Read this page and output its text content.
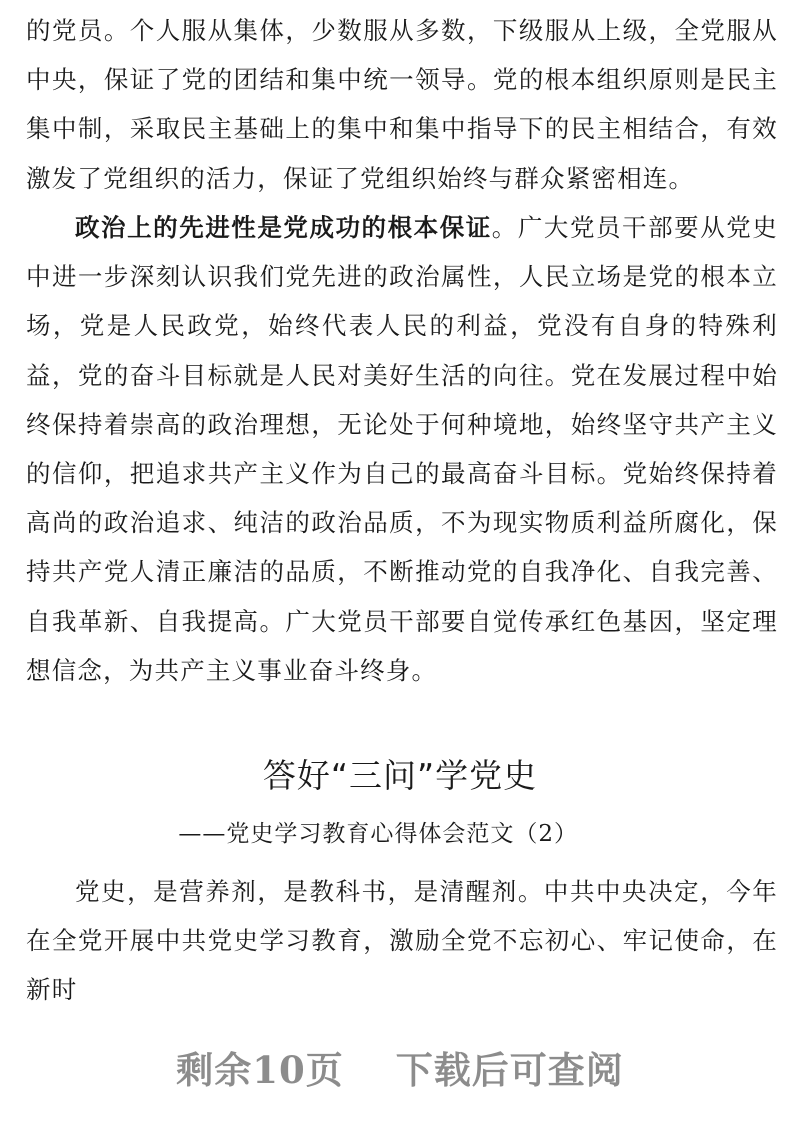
的党员。个人服从集体，少数服从多数，下级服从上级，全党服从中央，保证了党的团结和集中统一领导。党的根本组织原则是民主集中制，采取民主基础上的集中和集中指导下的民主相结合，有效激发了党组织的活力，保证了党组织始终与群众紧密相连。

政治上的先进性是党成功的根本保证。广大党员干部要从党史中进一步深刻认识我们党先进的政治属性，人民立场是党的根本立场，党是人民政党，始终代表人民的利益，党没有自身的特殊利益，党的奋斗目标就是人民对美好生活的向往。党在发展过程中始终保持着崇高的政治理想，无论处于何种境地，始终坚守共产主义的信仰，把追求共产主义作为自己的最高奋斗目标。党始终保持着高尚的政治追求、纯洁的政治品质，不为现实物质利益所腐化，保持共产党人清正廉洁的品质，不断推动党的自我净化、自我完善、自我革新、自我提高。广大党员干部要自觉传承红色基因，坚定理想信念，为共产主义事业奋斗终身。

答好“三问”学党史

——党史学习教育心得体会范文（2）

党史，是营养剂，是教科书，是清醒剂。中共中央决定，今年在全党开展中共党史学习教育，激励全党不忘初心、牢记使命，在新时

剩余10页 下载后可查阅
